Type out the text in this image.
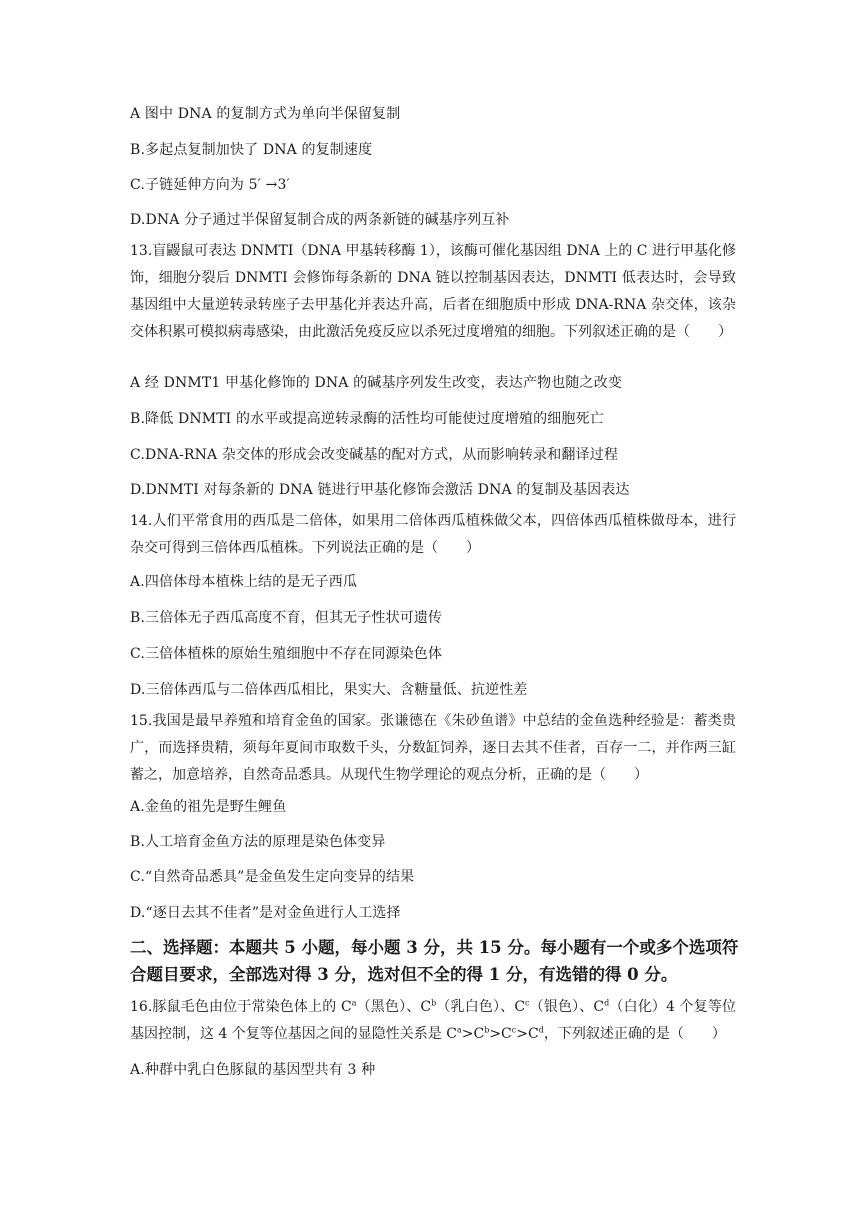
A 图中 DNA 的复制方式为单向半保留复制
B.多起点复制加快了 DNA 的复制速度
C.子链延伸方向为 5′ →3′
D.DNA 分子通过半保留复制合成的两条新链的碱基序列互补
13.盲鼹鼠可表达 DNMTI（DNA 甲基转移酶 1），该酶可催化基因组 DNA 上的 C 进行甲基化修饰，细胞分裂后 DNMTI 会修饰每条新的 DNA 链以控制基因表达，DNMTI 低表达时，会导致基因组中大量逆转录转座子去甲基化并表达升高，后者在细胞质中形成 DNA-RNA 杂交体，该杂交体积累可模拟病毒感染，由此激活免疫反应以杀死过度增殖的细胞。下列叙述正确的是（　　）
A 经 DNMT1 甲基化修饰的 DNA 的碱基序列发生改变，表达产物也随之改变
B.降低 DNMTI 的水平或提高逆转录酶的活性均可能使过度增殖的细胞死亡
C.DNA-RNA 杂交体的形成会改变碱基的配对方式，从而影响转录和翻译过程
D.DNMTI 对每条新的 DNA 链进行甲基化修饰会激活 DNA 的复制及基因表达
14.人们平常食用的西瓜是二倍体，如果用二倍体西瓜植株做父本，四倍体西瓜植株做母本，进行杂交可得到三倍体西瓜植株。下列说法正确的是（　　）
A.四倍体母本植株上结的是无子西瓜
B.三倍体无子西瓜高度不育，但其无子性状可遗传
C.三倍体植株的原始生殖细胞中不存在同源染色体
D.三倍体西瓜与二倍体西瓜相比，果实大、含糖量低、抗逆性差
15.我国是最早养殖和培育金鱼的国家。张谦德在《朱砂鱼谱》中总结的金鱼选种经验是：蓄类贵广，而选择贵精，须每年夏间市取数千头，分数缸饲养，逐日去其不佳者，百存一二，并作两三缸蓄之，加意培养，自然奇品悉具。从现代生物学理论的观点分析，正确的是（　　）
A.金鱼的祖先是野生鲤鱼
B.人工培育金鱼方法的原理是染色体变异
C.“自然奇品悉具”是金鱼发生定向变异的结果
D.“逐日去其不佳者”是对金鱼进行人工选择
二、选择题：本题共 5 小题，每小题 3 分，共 15 分。每小题有一个或多个选项符合题目要求，全部选对得 3 分，选对但不全的得 1 分，有选错的得 0 分。
16.豚鼠毛色由位于常染色体上的 $C^a$（黑色）、$C^b$（乳白色）、$C^c$（银色）、$C^d$（白化）4 个复等位基因控制，这 4 个复等位基因之间的显隐性关系是 $C^a>C^b>C^c>C^d$，下列叙述正确的是（　　）
A.种群中乳白色豚鼠的基因型共有 3 种
